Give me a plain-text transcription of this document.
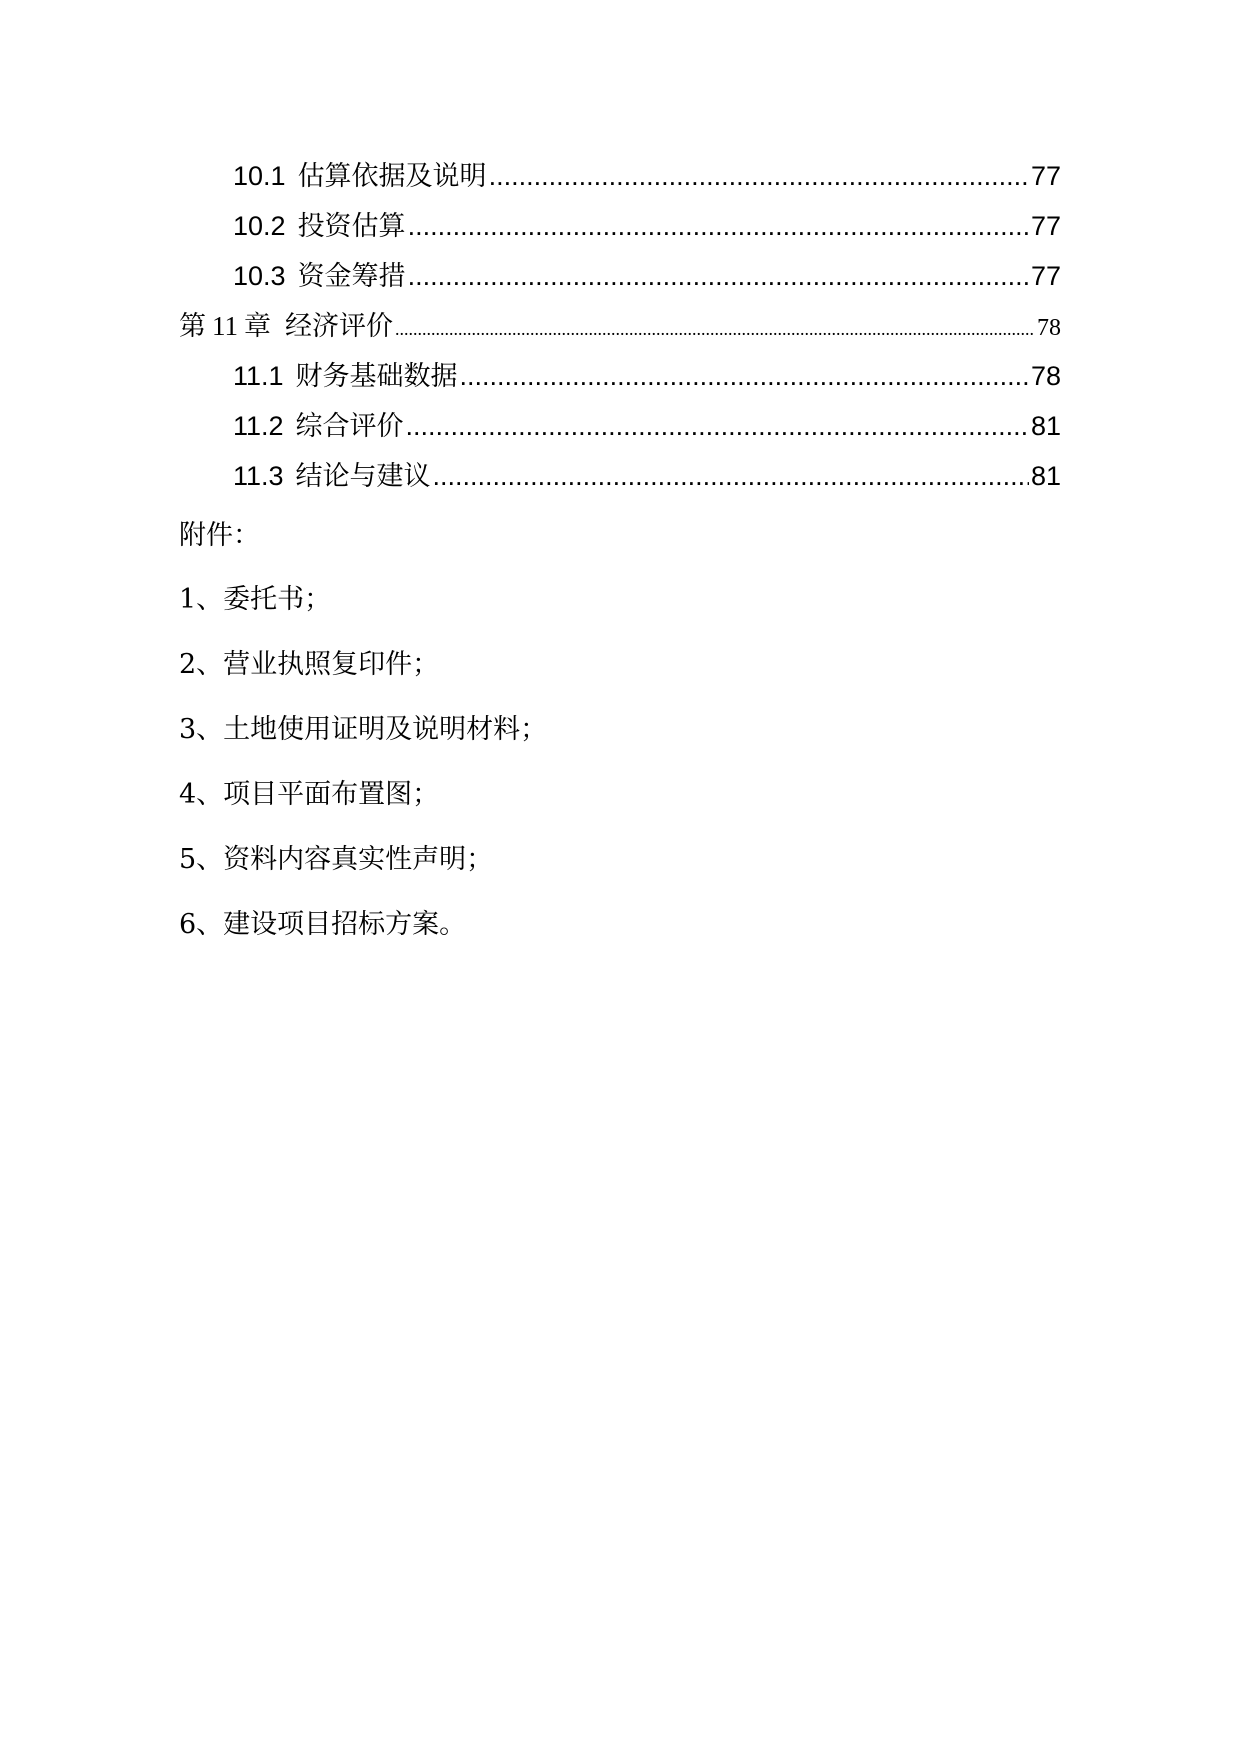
10.1 估算依据及说明 .....	77
10.2 投资估算 .....	77
10.3 资金筹措 .....	77
第 11 章 经济评价 .....	78
11.1 财务基础数据 .....	78
11.2 综合评价 .....	81
11.3 结论与建议 .....	81
附件：
1、委托书；
2、营业执照复印件；
3、土地使用证明及说明材料；
4、项目平面布置图；
5、资料内容真实性声明；
6、建设项目招标方案。
